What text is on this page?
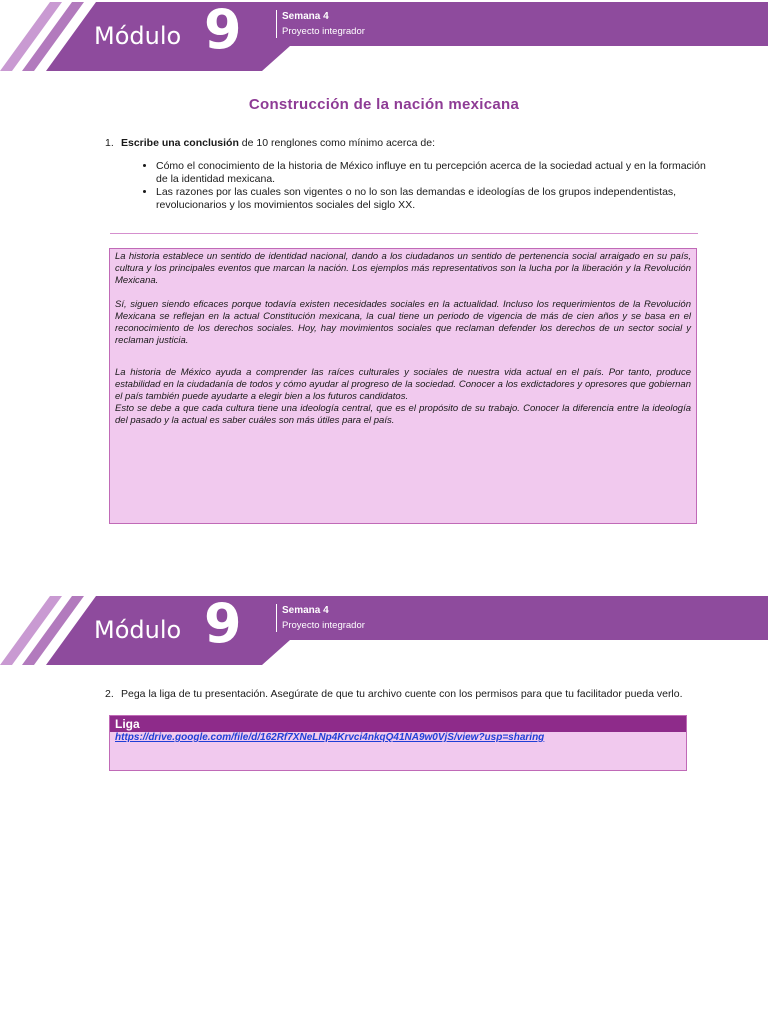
Módulo 9	Semana 4
Proyecto integrador
Construcción de la nación mexicana
1. Escribe una conclusión de 10 renglones como mínimo acerca de:
• Cómo el conocimiento de la historia de México influye en tu percepción acerca de la sociedad actual y en la formación de la identidad mexicana.
• Las razones por las cuales son vigentes o no lo son las demandas e ideologías de los grupos independentistas, revolucionarios y los movimientos sociales del siglo XX.

La historia establece un sentido de identidad nacional, dando a los ciudadanos un sentido de pertenencia social arraigado en su país, cultura y los principales eventos que marcan la nación. Los ejemplos más representativos son la lucha por la liberación y la Revolución Mexicana.

Sí, siguen siendo eficaces porque todavía existen necesidades sociales en la actualidad. Incluso los requerimientos de la Revolución Mexicana se reflejan en la actual Constitución mexicana, la cual tiene un periodo de vigencia de más de cien años y se basa en el reconocimiento de los derechos sociales. Hoy, hay movimientos sociales que reclaman defender los derechos de un sector social y reclaman justicia.

La historia de México ayuda a comprender las raíces culturales y sociales de nuestra vida actual en el país. Por tanto, produce estabilidad en la ciudadanía de todos y cómo ayudar al progreso de la sociedad. Conocer a los exdictadores y opresores que gobiernan el país también puede ayudarte a elegir bien a los futuros candidatos.

Esto se debe a que cada cultura tiene una ideología central, que es el propósito de su trabajo. Conocer la diferencia entre la ideología del pasado y la actual es saber cuáles son más útiles para el país.

Módulo 9	Semana 4
Proyecto integrador
2. Pega la liga de tu presentación. Asegúrate de que tu archivo cuente con los permisos para que tu facilitador pueda verlo.
Liga
https://drive.google.com/file/d/162Rf7XNeLNp4Krvci4nkqQ41NA9w0VjS/view?usp=sharing
